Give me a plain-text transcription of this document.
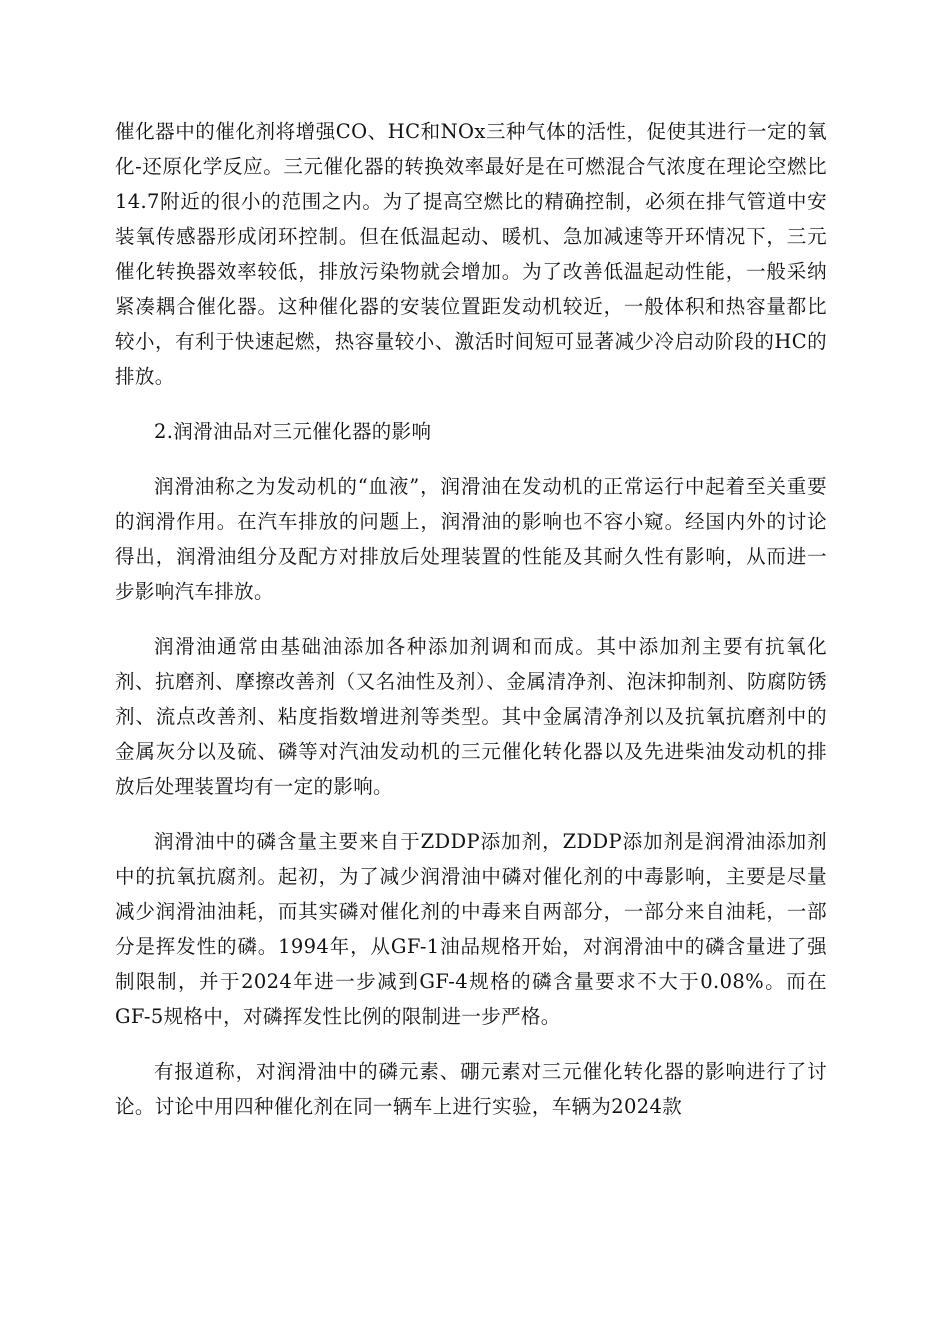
催化器中的催化剂将增强CO、HC和NOx三种气体的活性，促使其进行一定的氧化-还原化学反应。三元催化器的转换效率最好是在可燃混合气浓度在理论空燃比14.7附近的很小的范围之内。为了提高空燃比的精确控制，必须在排气管道中安装氧传感器形成闭环控制。但在低温起动、暖机、急加减速等开环情况下，三元催化转换器效率较低，排放污染物就会增加。为了改善低温起动性能，一般采纳紧凑耦合催化器。这种催化器的安装位置距发动机较近，一般体积和热容量都比较小，有利于快速起燃，热容量较小、激活时间短可显著减少冷启动阶段的HC的排放。

2.润滑油品对三元催化器的影响

润滑油称之为发动机的“血液”，润滑油在发动机的正常运行中起着至关重要的润滑作用。在汽车排放的问题上，润滑油的影响也不容小窥。经国内外的讨论得出，润滑油组分及配方对排放后处理装置的性能及其耐久性有影响，从而进一步影响汽车排放。

润滑油通常由基础油添加各种添加剂调和而成。其中添加剂主要有抗氧化剂、抗磨剂、摩擦改善剂（又名油性及剂）、金属清净剂、泡沫抑制剂、防腐防锈剂、流点改善剂、粘度指数增进剂等类型。其中金属清净剂以及抗氧抗磨剂中的金属灰分以及硫、磷等对汽油发动机的三元催化转化器以及先进柴油发动机的排放后处理装置均有一定的影响。

润滑油中的磷含量主要来自于ZDDP添加剂，ZDDP添加剂是润滑油添加剂中的抗氧抗腐剂。起初，为了减少润滑油中磷对催化剂的中毒影响，主要是尽量减少润滑油油耗，而其实磷对催化剂的中毒来自两部分，一部分来自油耗，一部分是挥发性的磷。1994年，从GF-1油品规格开始，对润滑油中的磷含量进了强制限制，并于2024年进一步减到GF-4规格的磷含量要求不大于0.08%。而在GF-5规格中，对磷挥发性比例的限制进一步严格。

有报道称，对润滑油中的磷元素、硼元素对三元催化转化器的影响进行了讨论。讨论中用四种催化剂在同一辆车上进行实验，车辆为2024款
